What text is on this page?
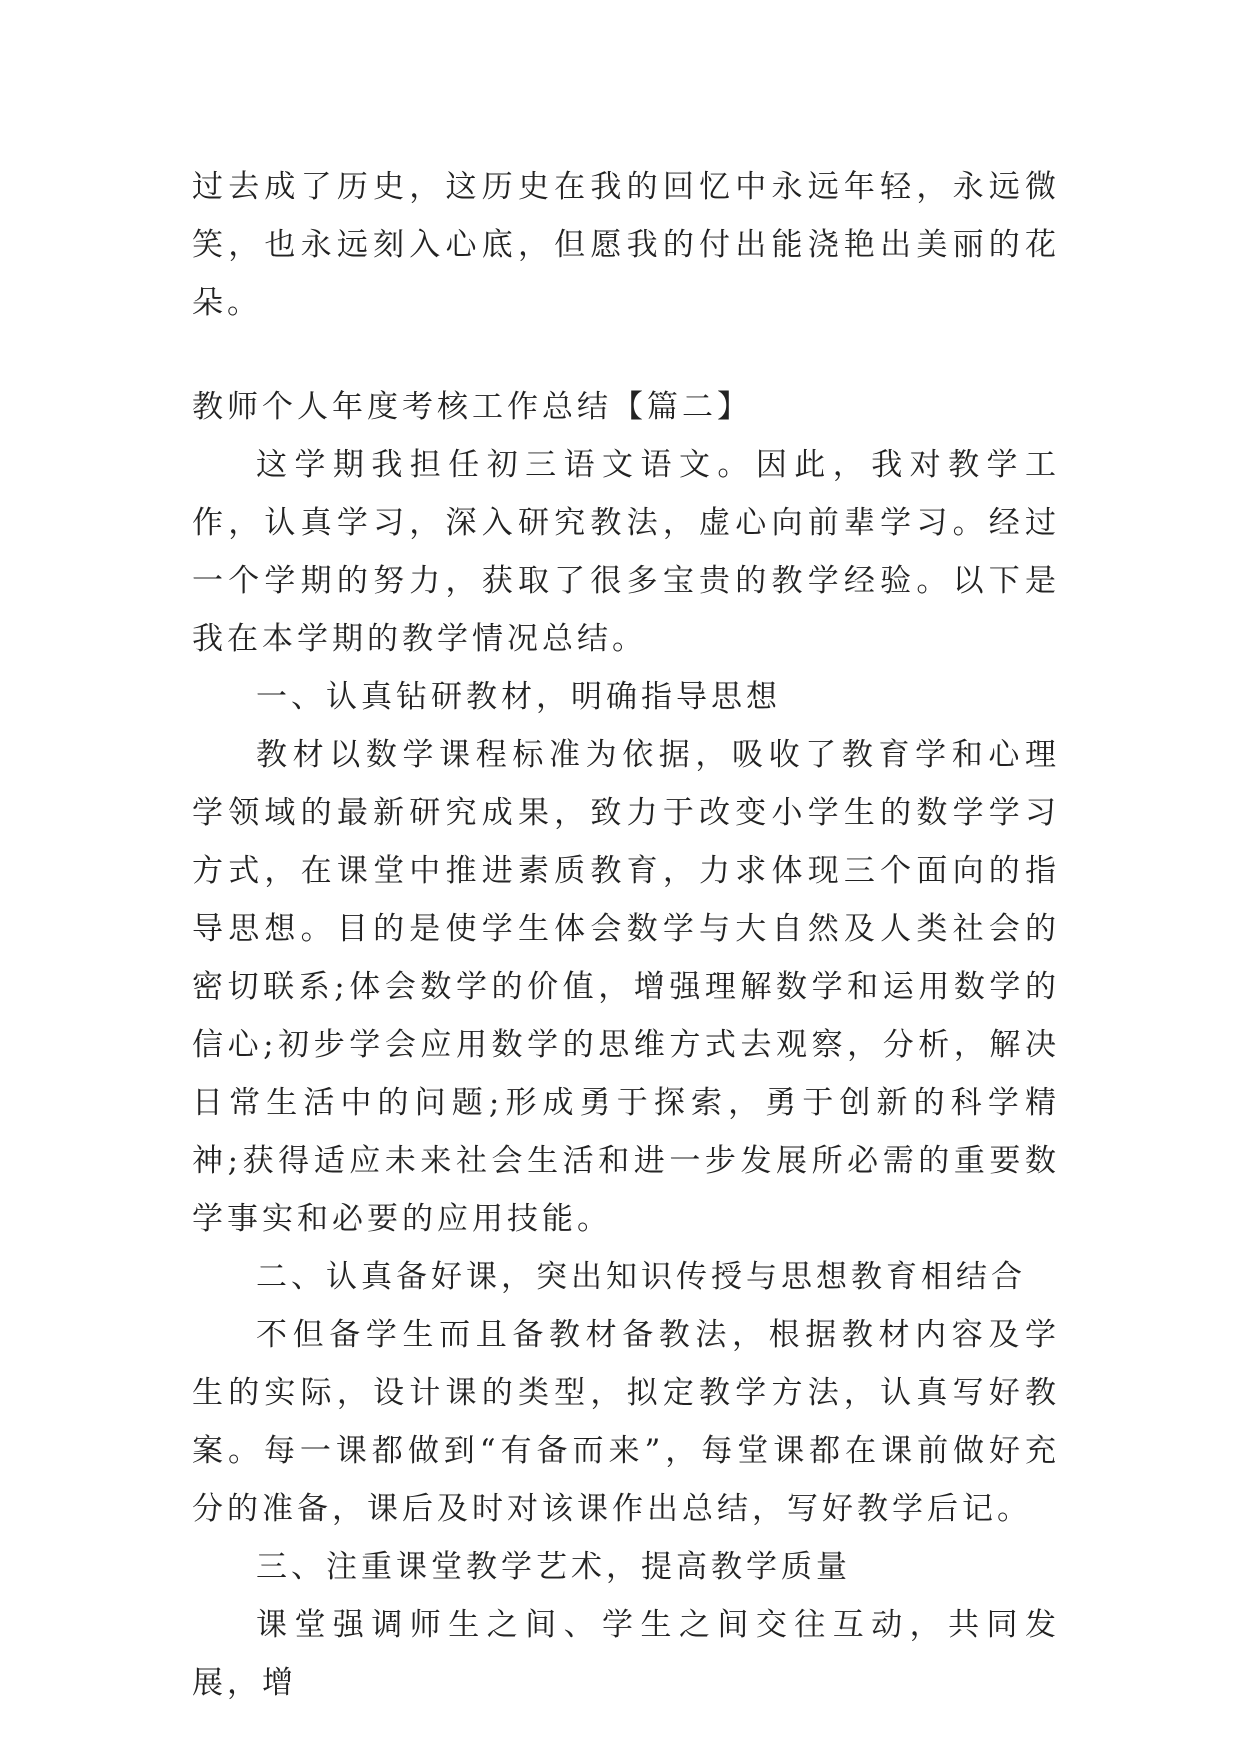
过去成了历史，这历史在我的回忆中永远年轻，永远微笑，也永远刻入心底，但愿我的付出能浇艳出美丽的花朵。

教师个人年度考核工作总结【篇二】

这学期我担任初三语文语文。因此，我对教学工作，认真学习，深入研究教法，虚心向前辈学习。经过一个学期的努力，获取了很多宝贵的教学经验。以下是我在本学期的教学情况总结。

一、认真钻研教材，明确指导思想

教材以数学课程标准为依据，吸收了教育学和心理学领域的最新研究成果，致力于改变小学生的数学学习方式，在课堂中推进素质教育，力求体现三个面向的指导思想。目的是使学生体会数学与大自然及人类社会的密切联系;体会数学的价值，增强理解数学和运用数学的信心;初步学会应用数学的思维方式去观察，分析，解决日常生活中的问题;形成勇于探索，勇于创新的科学精神;获得适应未来社会生活和进一步发展所必需的重要数学事实和必要的应用技能。

二、认真备好课，突出知识传授与思想教育相结合

不但备学生而且备教材备教法，根据教材内容及学生的实际，设计课的类型，拟定教学方法，认真写好教案。每一课都做到“有备而来”，每堂课都在课前做好充分的准备，课后及时对该课作出总结，写好教学后记。

三、注重课堂教学艺术，提高教学质量

课堂强调师生之间、学生之间交往互动，共同发展，增
